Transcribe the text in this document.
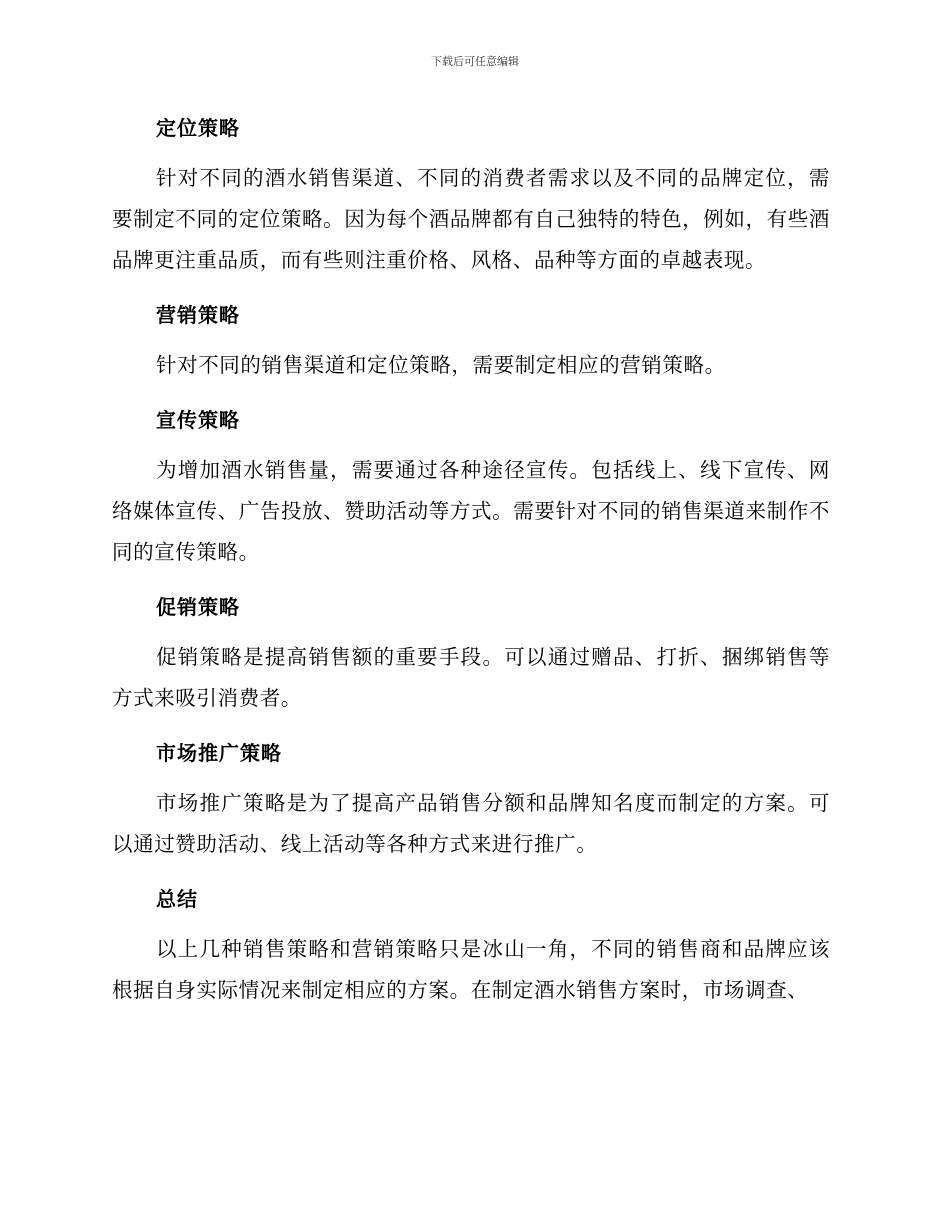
下载后可任意编辑
定位策略

针对不同的酒水销售渠道、不同的消费者需求以及不同的品牌定位，需要制定不同的定位策略。因为每个酒品牌都有自己独特的特色，例如，有些酒品牌更注重品质，而有些则注重价格、风格、品种等方面的卓越表现。

营销策略

针对不同的销售渠道和定位策略，需要制定相应的营销策略。

宣传策略

为增加酒水销售量，需要通过各种途径宣传。包括线上、线下宣传、网络媒体宣传、广告投放、赞助活动等方式。需要针对不同的销售渠道来制作不同的宣传策略。

促销策略

促销策略是提高销售额的重要手段。可以通过赠品、打折、捆绑销售等方式来吸引消费者。

市场推广策略

市场推广策略是为了提高产品销售分额和品牌知名度而制定的方案。可以通过赞助活动、线上活动等各种方式来进行推广。

总结

以上几种销售策略和营销策略只是冰山一角，不同的销售商和品牌应该根据自身实际情况来制定相应的方案。在制定酒水销售方案时，市场调查、
